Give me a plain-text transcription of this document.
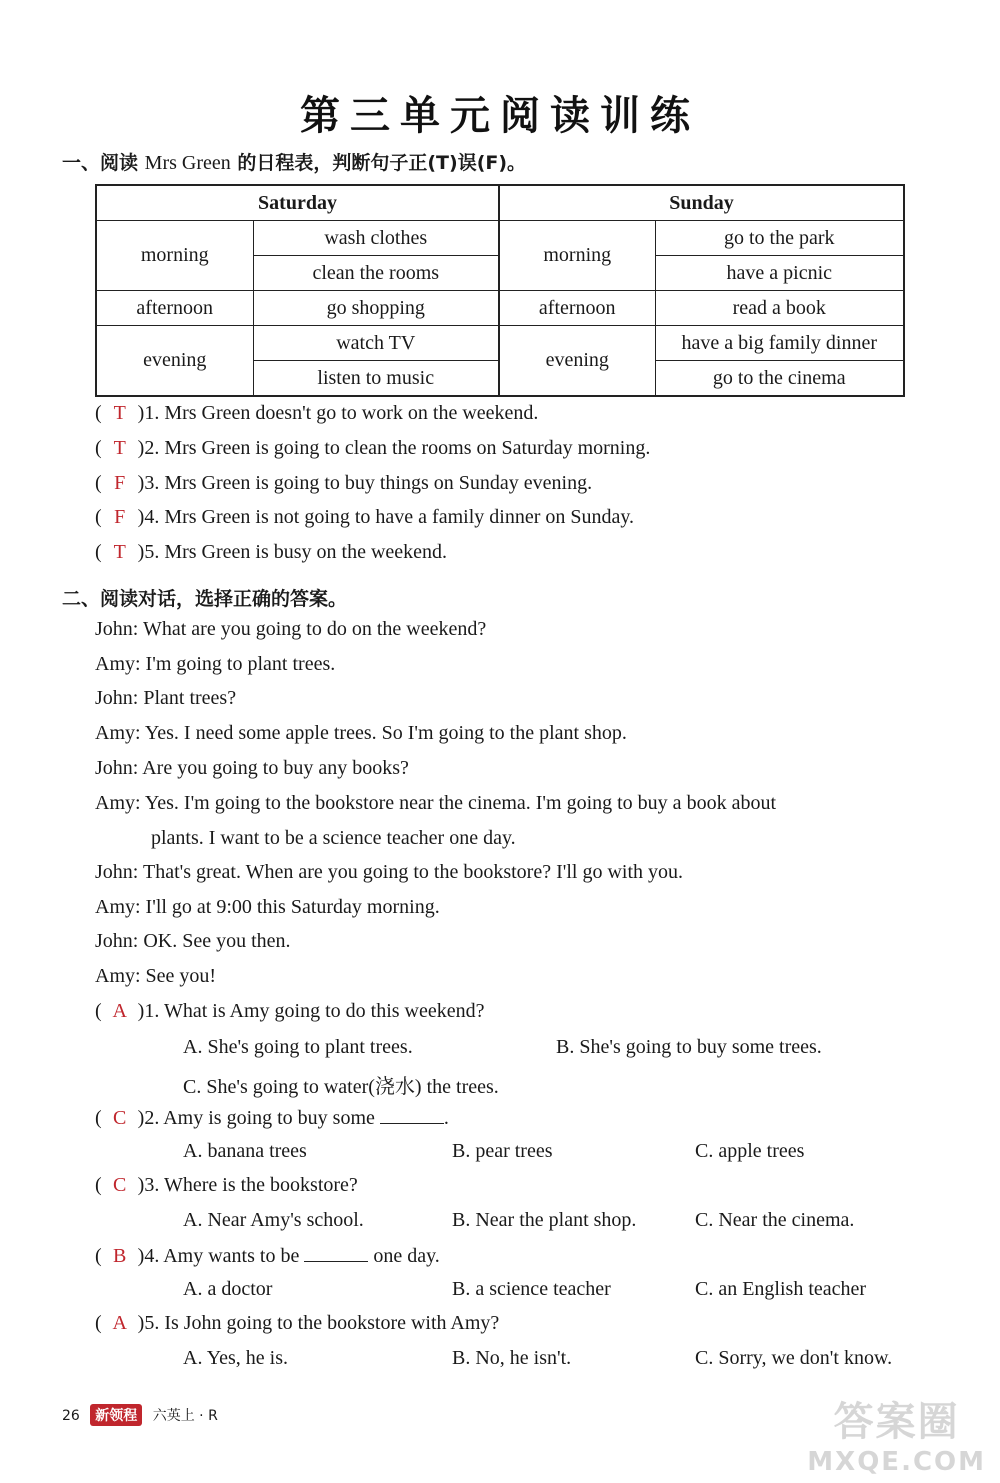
第三单元阅读训练
一、阅读 Mrs Green 的日程表，判断句子正(T)误(F)。
Saturday		Sunday	
morning	wash clothes	morning	go to the park
	clean the rooms		have a picnic
afternoon	go shopping	afternoon	read a book
evening	watch TV	evening	have a big family dinner
	listen to music		go to the cinema
( T )1. Mrs Green doesn't go to work on the weekend.
( T )2. Mrs Green is going to clean the rooms on Saturday morning.
( F )3. Mrs Green is going to buy things on Sunday evening.
( F )4. Mrs Green is not going to have a family dinner on Sunday.
( T )5. Mrs Green is busy on the weekend.
二、阅读对话，选择正确的答案。
John: What are you going to do on the weekend?
Amy: I'm going to plant trees.
John: Plant trees?
Amy: Yes. I need some apple trees. So I'm going to the plant shop.
John: Are you going to buy any books?
Amy: Yes. I'm going to the bookstore near the cinema. I'm going to buy a book about
plants. I want to be a science teacher one day.
John: That's great. When are you going to the bookstore? I'll go with you.
Amy: I'll go at 9:00 this Saturday morning.
John: OK. See you then.
Amy: See you!
( A )1. What is Amy going to do this weekend?
A. She's going to plant trees.	B. She's going to buy some trees.
C. She's going to water(浇水) the trees.
( C )2. Amy is going to buy some	.
A. banana trees	B. pear trees	C. apple trees
( C )3. Where is the bookstore?
A. Near Amy's school.	B. Near the plant shop.	C. Near the cinema.
( B )4. Amy wants to be	one day.
A. a doctor	B. a science teacher	C. an English teacher
( A )5. Is John going to the bookstore with Amy?
A. Yes, he is.	B. No, he isn't.	C. Sorry, we don't know.
26 新领程 六英上 · R	答案圈
MXQE.COM
